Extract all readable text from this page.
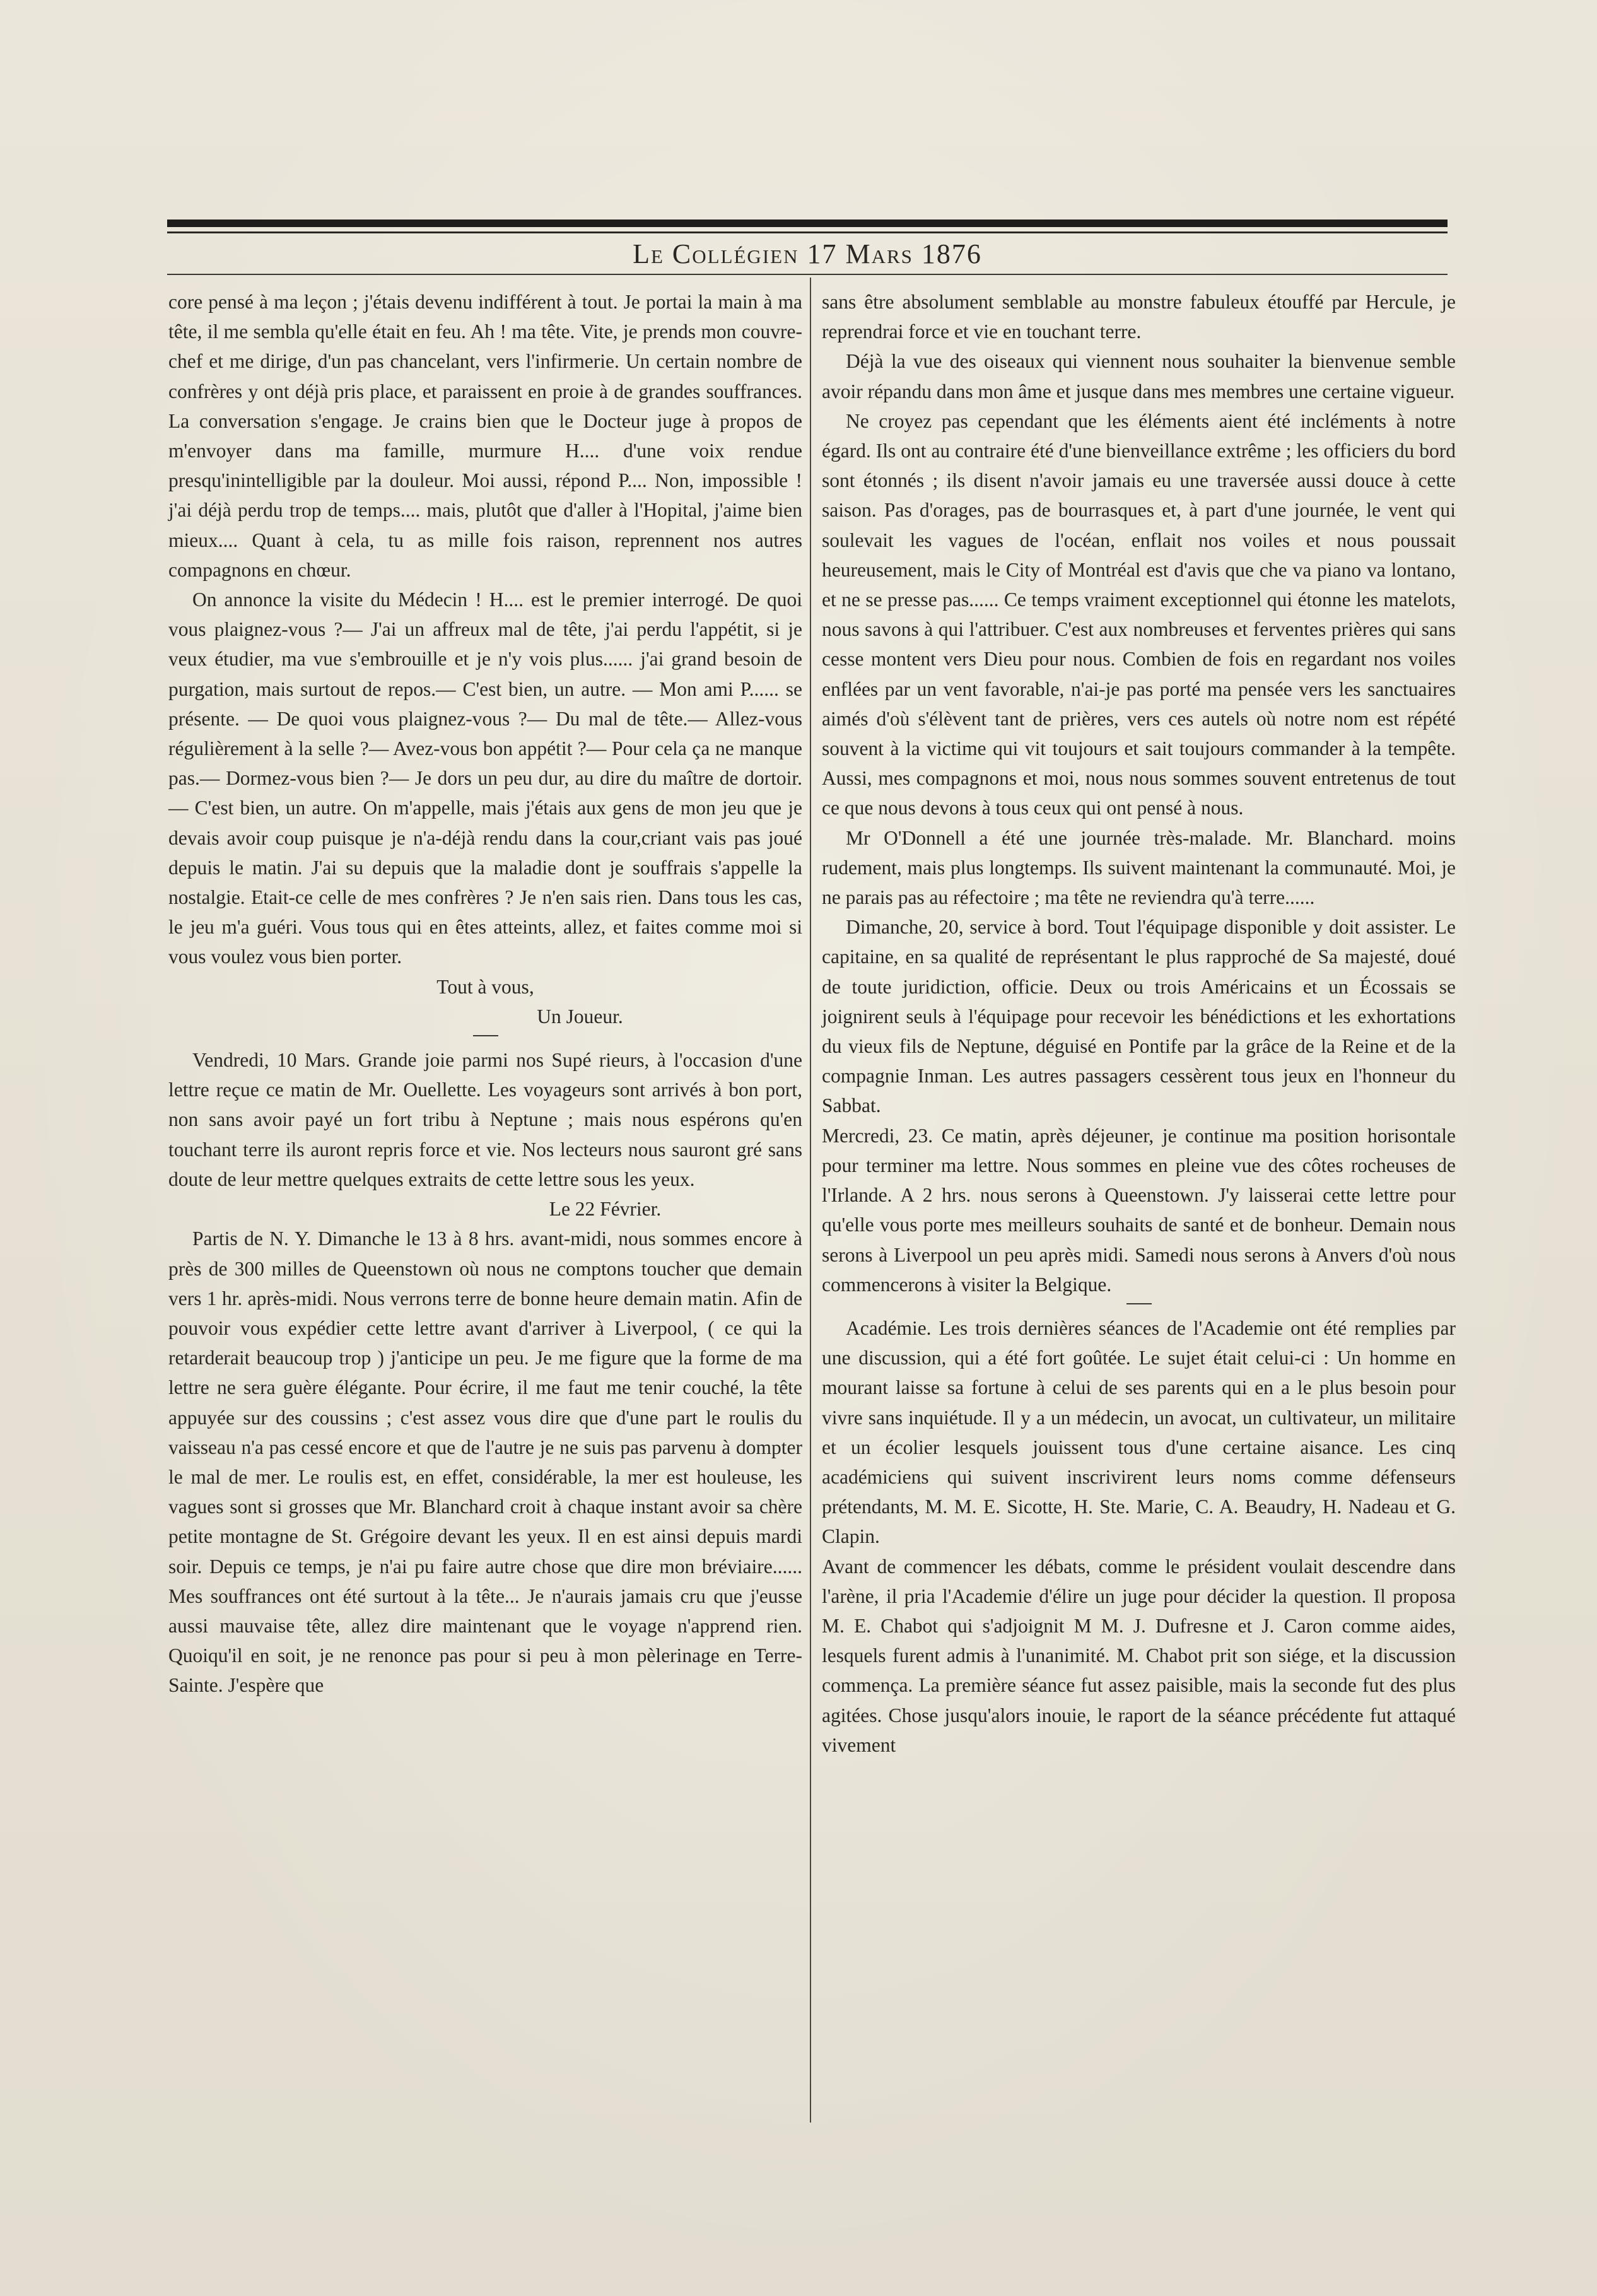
Le Collégien 17 Mars 1876

core pensé à ma leçon ; j'étais devenu indifférent à tout. Je portai la main à ma tête, il me sembla qu'elle était en feu. Ah ! ma tête. Vite, je prends mon couvre-chef et me dirige, d'un pas chancelant, vers l'infirmerie. Un certain nombre de confrères y ont déjà pris place, et paraissent en proie à de grandes souffrances. La conversation s'engage. Je crains bien que le Docteur juge à propos de m'envoyer dans ma famille, murmure H.... d'une voix rendue presqu'inintelligible par la douleur. Moi aussi, répond P.... Non, impossible ! j'ai déjà perdu trop de temps.... mais, plutôt que d'aller à l'Hopital, j'aime bien mieux.... Quant à cela, tu as mille fois raison, reprennent nos autres compagnons en chœur.

On annonce la visite du Médecin ! H.... est le premier interrogé. De quoi vous plaignez-vous ?— J'ai un affreux mal de tête, j'ai perdu l'appétit, si je veux étudier, ma vue s'embrouille et je n'y vois plus...... j'ai grand besoin de purgation, mais surtout de repos.— C'est bien, un autre. — Mon ami P...... se présente. — De quoi vous plaignez-vous ?— Du mal de tête.— Allez-vous régulièrement à la selle ?— Avez-vous bon appétit ?— Pour cela ça ne manque pas.— Dormez-vous bien ?— Je dors un peu dur, au dire du maître de dortoir.— C'est bien, un autre. On m'appelle, mais j'étais aux gens de mon jeu que je devais avoir coup puisque je n'a-déjà rendu dans la cour,criant vais pas joué depuis le matin. J'ai su depuis que la maladie dont je souffrais s'appelle la nostalgie. Etait-ce celle de mes confrères ? Je n'en sais rien. Dans tous les cas, le jeu m'a guéri. Vous tous qui en êtes atteints, allez, et faites comme moi si vous voulez vous bien porter.

Tout à vous,

Un Joueur.

Vendredi, 10 Mars. Grande joie parmi nos Supé rieurs, à l'occasion d'une lettre reçue ce matin de Mr. Ouellette. Les voyageurs sont arrivés à bon port, non sans avoir payé un fort tribu à Neptune ; mais nous espérons qu'en touchant terre ils auront repris force et vie. Nos lecteurs nous sauront gré sans doute de leur mettre quelques extraits de cette lettre sous les yeux.

Le 22 Février.

Partis de N. Y. Dimanche le 13 à 8 hrs. avant-midi, nous sommes encore à près de 300 milles de Queenstown où nous ne comptons toucher que demain vers 1 hr. après-midi. Nous verrons terre de bonne heure demain matin. Afin de pouvoir vous expédier cette lettre avant d'arriver à Liverpool, ( ce qui la retarderait beaucoup trop ) j'anticipe un peu. Je me figure que la forme de ma lettre ne sera guère élégante. Pour écrire, il me faut me tenir couché, la tête appuyée sur des coussins ; c'est assez vous dire que d'une part le roulis du vaisseau n'a pas cessé encore et que de l'autre je ne suis pas parvenu à dompter le mal de mer. Le roulis est, en effet, considérable, la mer est houleuse, les vagues sont si grosses que Mr. Blanchard croit à chaque instant avoir sa chère petite montagne de St. Grégoire devant les yeux. Il en est ainsi depuis mardi soir. Depuis ce temps, je n'ai pu faire autre chose que dire mon bréviaire...... Mes souffrances ont été surtout à la tête... Je n'aurais jamais cru que j'eusse aussi mauvaise tête, allez dire maintenant que le voyage n'apprend rien. Quoiqu'il en soit, je ne renonce pas pour si peu à mon pèlerinage en Terre-Sainte. J'espère que

sans être absolument semblable au monstre fabuleux étouffé par Hercule, je reprendrai force et vie en touchant terre.

Déjà la vue des oiseaux qui viennent nous souhaiter la bienvenue semble avoir répandu dans mon âme et jusque dans mes membres une certaine vigueur.

Ne croyez pas cependant que les éléments aient été incléments à notre égard. Ils ont au contraire été d'une bienveillance extrême ; les officiers du bord sont étonnés ; ils disent n'avoir jamais eu une traversée aussi douce à cette saison. Pas d'orages, pas de bourrasques et, à part d'une journée, le vent qui soulevait les vagues de l'océan, enflait nos voiles et nous poussait heureusement, mais le City of Montréal est d'avis que che va piano va lontano, et ne se presse pas...... Ce temps vraiment exceptionnel qui étonne les matelots, nous savons à qui l'attribuer. C'est aux nombreuses et ferventes prières qui sans cesse montent vers Dieu pour nous. Combien de fois en regardant nos voiles enflées par un vent favorable, n'ai-je pas porté ma pensée vers les sanctuaires aimés d'où s'élèvent tant de prières, vers ces autels où notre nom est répété souvent à la victime qui vit toujours et sait toujours commander à la tempête. Aussi, mes compagnons et moi, nous nous sommes souvent entretenus de tout ce que nous devons à tous ceux qui ont pensé à nous.

Mr O'Donnell a été une journée très-malade. Mr. Blanchard. moins rudement, mais plus longtemps. Ils suivent maintenant la communauté. Moi, je ne parais pas au réfectoire ; ma tête ne reviendra qu'à terre......

Dimanche, 20, service à bord. Tout l'équipage disponible y doit assister. Le capitaine, en sa qualité de représentant le plus rapproché de Sa majesté, doué de toute juridiction, officie. Deux ou trois Américains et un Écossais se joignirent seuls à l'équipage pour recevoir les bénédictions et les exhortations du vieux fils de Neptune, déguisé en Pontife par la grâce de la Reine et de la compagnie Inman. Les autres passagers cessèrent tous jeux en l'honneur du Sabbat.

Mercredi, 23. Ce matin, après déjeuner, je continue ma position horisontale pour terminer ma lettre. Nous sommes en pleine vue des côtes rocheuses de l'Irlande. A 2 hrs. nous serons à Queenstown. J'y laisserai cette lettre pour qu'elle vous porte mes meilleurs souhaits de santé et de bonheur. Demain nous serons à Liverpool un peu après midi. Samedi nous serons à Anvers d'où nous commencerons à visiter la Belgique.

Académie. Les trois dernières séances de l'Academie ont été remplies par une discussion, qui a été fort goûtée. Le sujet était celui-ci : Un homme en mourant laisse sa fortune à celui de ses parents qui en a le plus besoin pour vivre sans inquiétude. Il y a un médecin, un avocat, un cultivateur, un militaire et un écolier lesquels jouissent tous d'une certaine aisance. Les cinq académiciens qui suivent inscrivirent leurs noms comme défenseurs prétendants, M. M. E. Sicotte, H. Ste. Marie, C. A. Beaudry, H. Nadeau et G. Clapin.

Avant de commencer les débats, comme le président voulait descendre dans l'arène, il pria l'Academie d'élire un juge pour décider la question. Il proposa M. E. Chabot qui s'adjoignit M M. J. Dufresne et J. Caron comme aides, lesquels furent admis à l'unanimité. M. Chabot prit son siége, et la discussion commença. La première séance fut assez paisible, mais la seconde fut des plus agitées. Chose jusqu'alors inouie, le raport de la séance précédente fut attaqué vivement
